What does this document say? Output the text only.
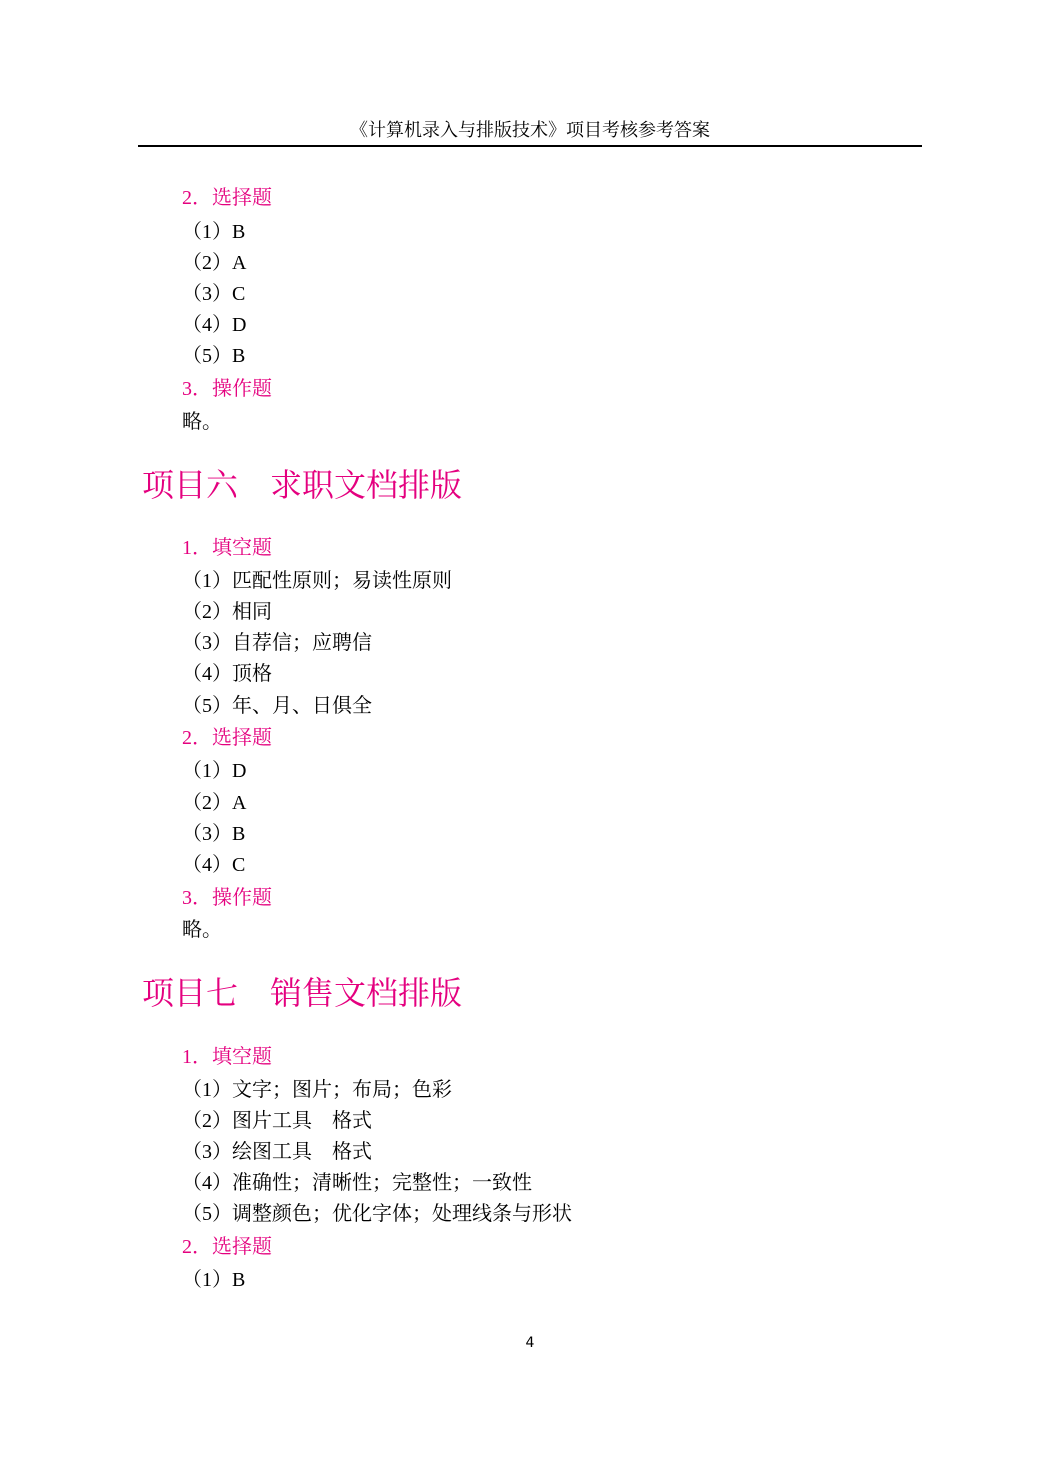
《计算机录入与排版技术》项目考核参考答案
2．选择题
（1）B
（2）A
（3）C
（4）D
（5）B
3．操作题
略。
项目六　求职文档排版
1．填空题
（1）匹配性原则；易读性原则
（2）相同
（3）自荐信；应聘信
（4）顶格
（5）年、月、日俱全
2．选择题
（1）D
（2）A
（3）B
（4）C
3．操作题
略。
项目七　销售文档排版
1．填空题
（1）文字；图片；布局；色彩
（2）图片工具　格式
（3）绘图工具　格式
（4）准确性；清晰性；完整性；一致性
（5）调整颜色；优化字体；处理线条与形状
2．选择题
（1）B
4
